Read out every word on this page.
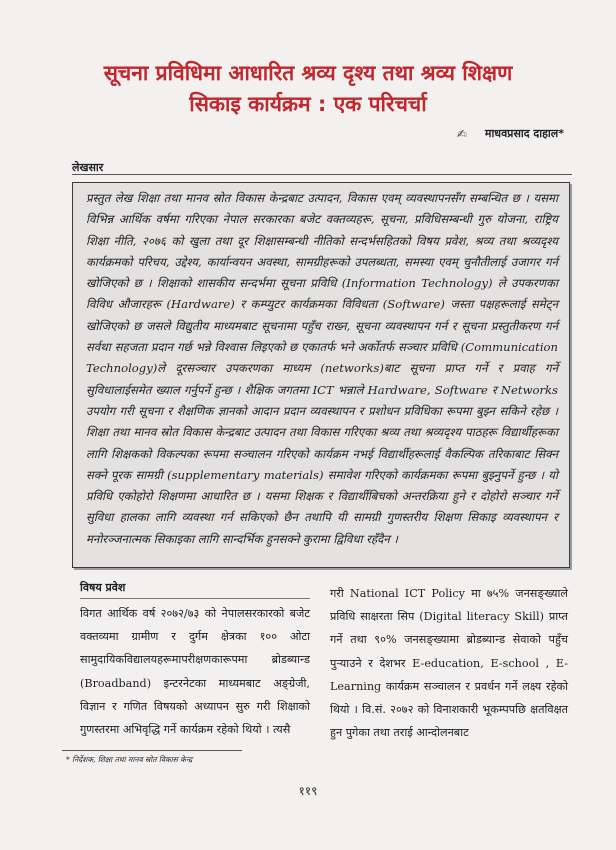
सूचना प्रविधिमा आधारित श्रव्य दृश्य तथा श्रव्य शिक्षण
सिकाइ कार्यक्रम : एक परिचर्चा
✍ माधवप्रसाद दाहाल*
लेखसार

प्रस्तुत लेख शिक्षा तथा मानव स्रोत विकास केन्द्रबाट उत्पादन, विकास एवम् व्यवस्थापनसँग सम्बन्धित छ । यसमा विभिन्न आर्थिक वर्षमा गरिएका नेपाल सरकारका बजेट वक्तव्यहरू, सूचना, प्रविधिसम्बन्धी गुरु योजना, राष्ट्रिय शिक्षा नीति, २०७६ को खुला तथा दूर शिक्षासम्बन्धी नीतिको सन्दर्भसहितको विषय प्रवेश, श्रव्य तथा श्रव्यदृश्य कार्यक्रमको परिचय, उद्देश्य, कार्यान्वयन अवस्था, सामग्रीहरूको उपलब्धता, समस्या एवम् चुनौतीलाई उजागर गर्न खोजिएको छ । शिक्षाको शासकीय सन्दर्भमा सूचना प्रविधि (Information Technology) ले उपकरणका विविध औजारहरू (Hardware) र कम्प्युटर कार्यक्रमका विविधता (Software) जस्ता पक्षहरूलाई समेट्न खोजिएको छ जसले विद्युतीय माध्यमबाट सूचनामा पहुँच राख्न, सूचना व्यवस्थापन गर्न र सूचना प्रस्तुतीकरण गर्न सर्वथा सहजता प्रदान गर्छ भन्ने विश्वास लिइएको छ एकातर्फ भने अर्कोतर्फ सञ्चार प्रविधि (Communication Technology)ले दूरसञ्चार उपकरणका माध्यम (networks)बाट सूचना प्राप्त गर्ने र प्रवाह गर्ने सुविधालाईसमेत ख्याल गर्नुपर्ने हुन्छ । शैक्षिक जगतमा ICT भन्नाले Hardware, Software र Networks उपयोग गरी सूचना र शैक्षणिक ज्ञानको आदान प्रदान व्यवस्थापन र प्रशोधन प्रविधिका रूपमा बुझ्न सकिने रहेछ । शिक्षा तथा मानव स्रोत विकास केन्द्रबाट उत्पादन तथा विकास गरिएका श्रव्य तथा श्रव्यदृश्य पाठहरू विद्यार्थीहरूका लागि शिक्षकको विकल्पका रूपमा सञ्चालन गरिएको कार्यक्रम नभई विद्यार्थीहरूलाई वैकल्पिक तरिकाबाट सिक्न सक्ने पूरक सामग्री (supplementary materials) समावेश गरिएको कार्यक्रमका रूपमा बुझ्नुपर्ने हुन्छ । यो प्रविधि एकोहोरो शिक्षणमा आधारित छ । यसमा शिक्षक र विद्यार्थीबिचको अन्तरक्रिया हुने र दोहोरो सञ्चार गर्ने सुविधा हालका लागि व्यवस्था गर्न सकिएको छैन तथापि यी सामग्री गुणस्तरीय शिक्षण सिकाइ व्यवस्थापन र मनोरञ्जनात्मक सिकाइका लागि सान्दर्भिक हुनसक्ने कुरामा द्विविधा रहँदैन ।

विषय प्रवेश

विगत आर्थिक वर्ष २०७२/७३ को नेपालसरकारको बजेट वक्तव्यमा ग्रामीण र दुर्गम क्षेत्रका १०० ओटा सामुदायिकविद्यालयहरूमापरीक्षणकारूपमा ब्रोडब्यान्ड (Broadband) इन्टरनेटका माध्यमबाट अङ्ग्रेजी, विज्ञान र गणित विषयको अध्यापन सुरु गरी शिक्षाको गुणस्तरमा अभिवृद्धि गर्ने कार्यक्रम रहेको थियो । त्यसै

गरी National ICT Policy मा ७५% जनसङ्ख्याले प्रविधि साक्षरता सिप (Digital literacy Skill) प्राप्त गर्ने तथा ९०% जनसङ्ख्यामा ब्रोडब्यान्ड सेवाको पहुँच पुऱ्याउने र देशभर E-education, E-school , E-Learning कार्यक्रम सञ्चालन र प्रवर्धन गर्ने लक्ष्य रहेको थियो । वि.सं. २०७२ को विनाशकारी भूकम्पपछि क्षतविक्षत हुन पुगेका तथा तराई आन्दोलनबाट

* निर्देशक, शिक्षा तथा मानव स्रोत विकास केन्द्र
११९
